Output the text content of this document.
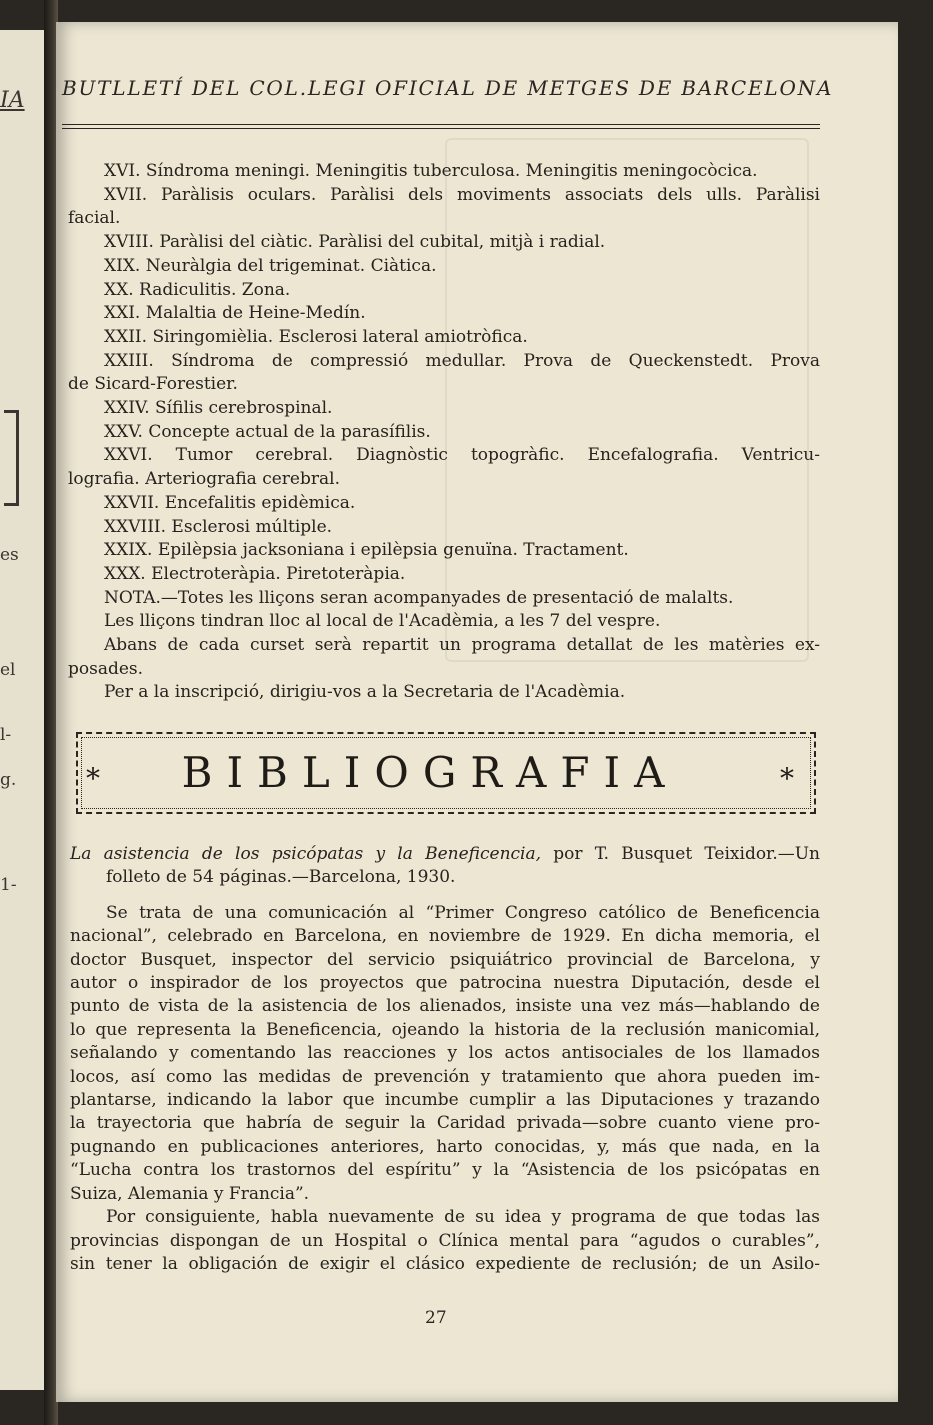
IA
es
el
l-
g.
1-
BUTLLETÍ DEL COL.LEGI OFICIAL DE METGES DE BARCELONA
XVI. Síndroma meningi. Meningitis tuberculosa. Meningitis meningocòcica.
XVII. Paràlisis oculars. Paràlisi dels moviments associats dels ulls. Paràlisi
facial.
XVIII. Paràlisi del ciàtic. Paràlisi del cubital, mitjà i radial.
XIX. Neuràlgia del trigeminat. Ciàtica.
XX. Radiculitis. Zona.
XXI. Malaltia de Heine-Medín.
XXII. Siringomièlia. Esclerosi lateral amiotròfica.
XXIII. Síndroma de compressió medullar. Prova de Queckenstedt. Prova
de Sicard-Forestier.
XXIV. Sífilis cerebrospinal.
XXV. Concepte actual de la parasífilis.
XXVI. Tumor cerebral. Diagnòstic topogràfic. Encefalografia. Ventricu-
lografia. Arteriografia cerebral.
XXVII. Encefalitis epidèmica.
XXVIII. Esclerosi múltiple.
XXIX. Epilèpsia jacksoniana i epilèpsia genuïna. Tractament.
XXX. Electroteràpia. Piretoteràpia.
NOTA.—Totes les lliçons seran acompanyades de presentació de malalts.
Les lliçons tindran lloc al local de l'Acadèmia, a les 7 del vespre.
Abans de cada curset serà repartit un programa detallat de les matèries ex-
posades.
Per a la inscripció, dirigiu-vos a la Secretaria de l'Acadèmia.
*	BIBLIOGRAFIA	*
La asistencia de los psicópatas y la Beneficencia, por T. Busquet Teixidor.—Un
folleto de 54 páginas.—Barcelona, 1930.
Se trata de una comunicación al “Primer Congreso católico de Beneficencia
nacional”, celebrado en Barcelona, en noviembre de 1929. En dicha memoria, el
doctor Busquet, inspector del servicio psiquiátrico provincial de Barcelona, y
autor o inspirador de los proyectos que patrocina nuestra Diputación, desde el
punto de vista de la asistencia de los alienados, insiste una vez más—hablando de
lo que representa la Beneficencia, ojeando la historia de la reclusión manicomial,
señalando y comentando las reacciones y los actos antisociales de los llamados
locos, así como las medidas de prevención y tratamiento que ahora pueden im-
plantarse, indicando la labor que incumbe cumplir a las Diputaciones y trazando
la trayectoria que habría de seguir la Caridad privada—sobre cuanto viene pro-
pugnando en publicaciones anteriores, harto conocidas, y, más que nada, en la
“Lucha contra los trastornos del espíritu” y la “Asistencia de los psicópatas en
Suiza, Alemania y Francia”.
Por consiguiente, habla nuevamente de su idea y programa de que todas las
provincias dispongan de un Hospital o Clínica mental para “agudos o curables”,
sin tener la obligación de exigir el clásico expediente de reclusión; de un Asilo-
27
